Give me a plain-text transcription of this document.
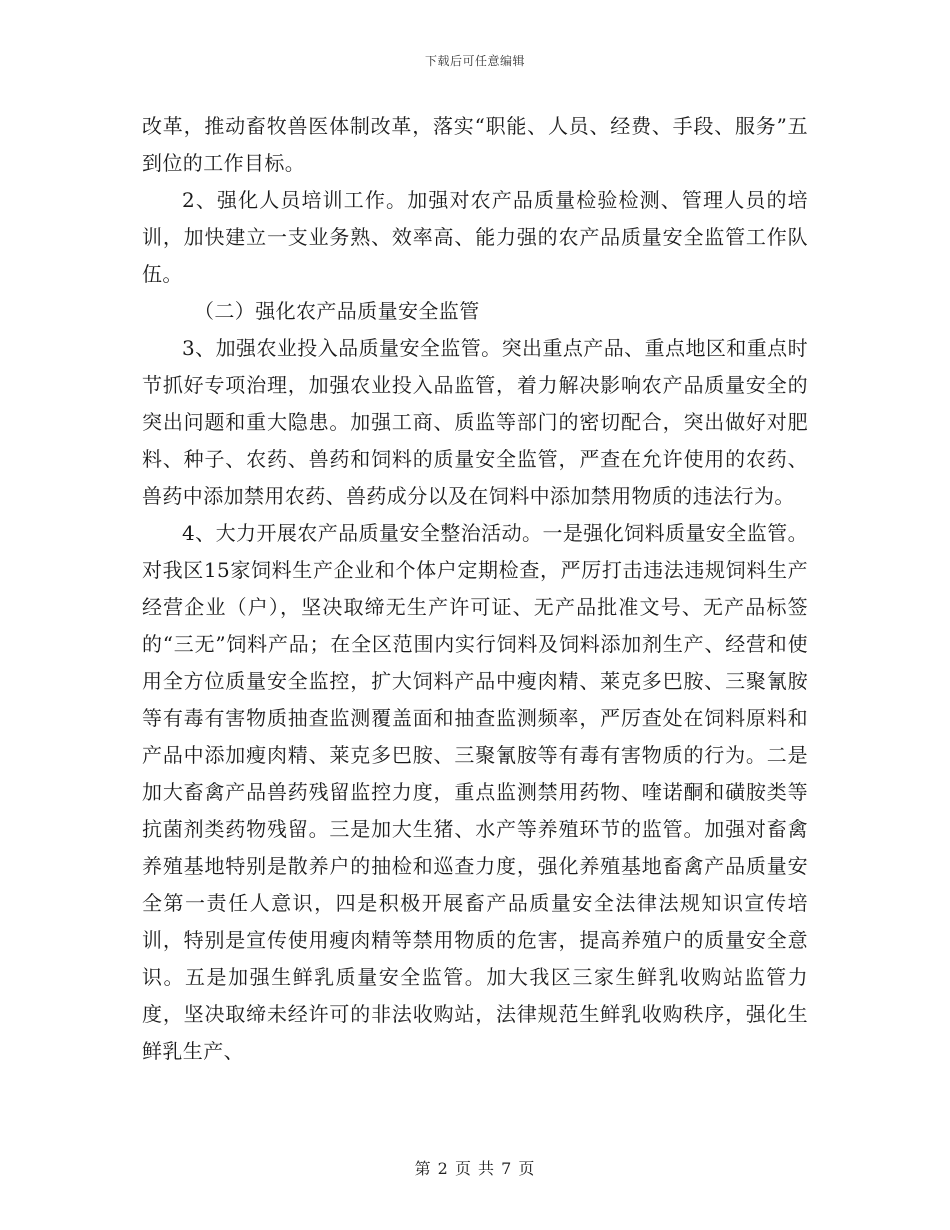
下载后可任意编辑

改革，推动畜牧兽医体制改革，落实“职能、人员、经费、手段、服务”五到位的工作目标。

2、强化人员培训工作。加强对农产品质量检验检测、管理人员的培训，加快建立一支业务熟、效率高、能力强的农产品质量安全监管工作队伍。

（二）强化农产品质量安全监管

3、加强农业投入品质量安全监管。突出重点产品、重点地区和重点时节抓好专项治理，加强农业投入品监管，着力解决影响农产品质量安全的突出问题和重大隐患。加强工商、质监等部门的密切配合，突出做好对肥料、种子、农药、兽药和饲料的质量安全监管，严查在允许使用的农药、兽药中添加禁用农药、兽药成分以及在饲料中添加禁用物质的违法行为。

4、大力开展农产品质量安全整治活动。一是强化饲料质量安全监管。对我区15家饲料生产企业和个体户定期检查，严厉打击违法违规饲料生产经营企业（户），坚决取缔无生产许可证、无产品批准文号、无产品标签的“三无”饲料产品；在全区范围内实行饲料及饲料添加剂生产、经营和使用全方位质量安全监控，扩大饲料产品中瘦肉精、莱克多巴胺、三聚氰胺等有毒有害物质抽查监测覆盖面和抽查监测频率，严厉查处在饲料原料和产品中添加瘦肉精、莱克多巴胺、三聚氰胺等有毒有害物质的行为。二是加大畜禽产品兽药残留监控力度，重点监测禁用药物、喹诺酮和磺胺类等抗菌剂类药物残留。三是加大生猪、水产等养殖环节的监管。加强对畜禽养殖基地特别是散养户的抽检和巡查力度，强化养殖基地畜禽产品质量安全第一责任人意识，四是积极开展畜产品质量安全法律法规知识宣传培训，特别是宣传使用瘦肉精等禁用物质的危害，提高养殖户的质量安全意识。五是加强生鲜乳质量安全监管。加大我区三家生鲜乳收购站监管力度，坚决取缔未经许可的非法收购站，法律规范生鲜乳收购秩序，强化生鲜乳生产、

第 2 页 共 7 页
